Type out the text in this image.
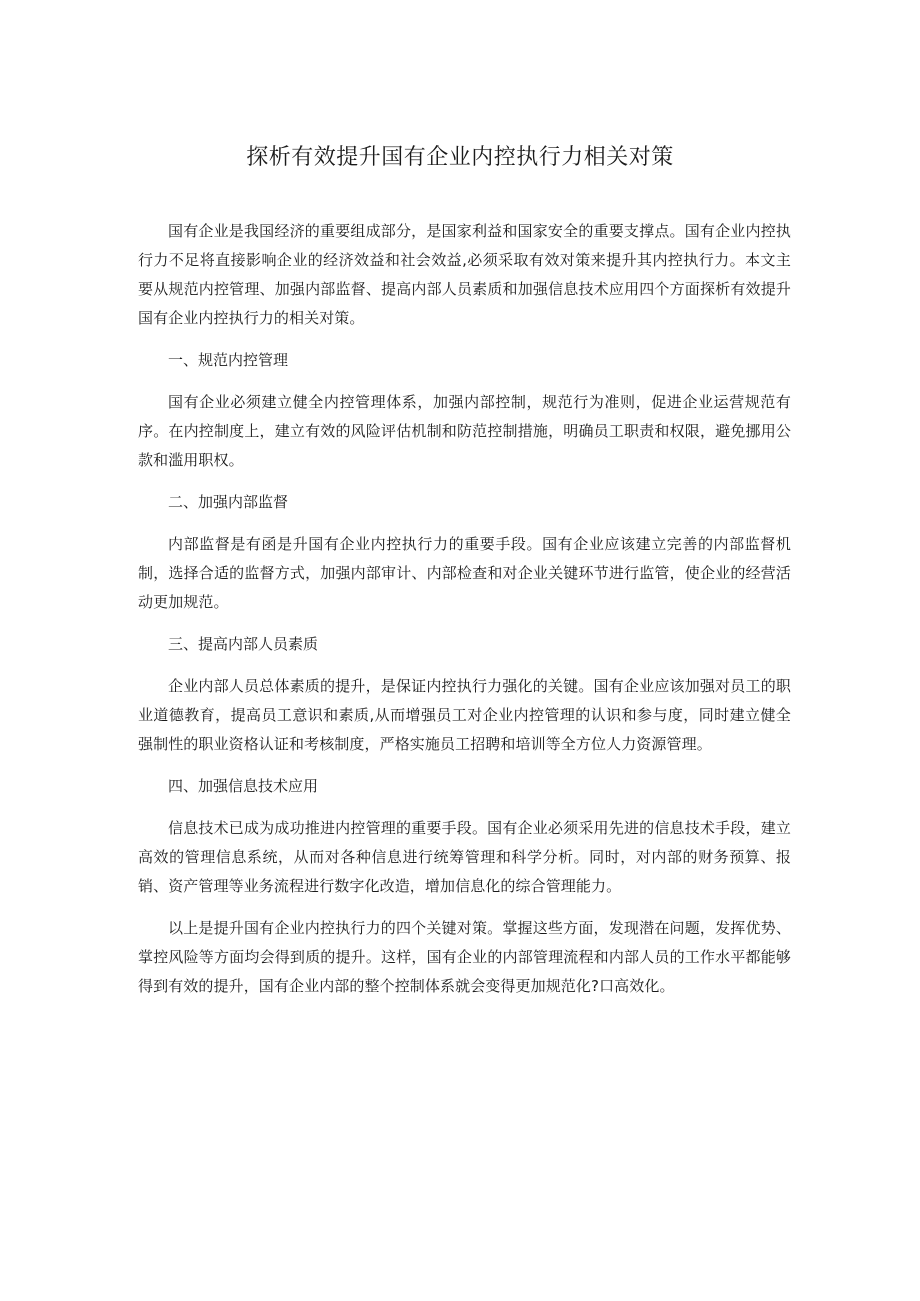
探析有效提升国有企业内控执行力相关对策

国有企业是我国经济的重要组成部分，是国家利益和国家安全的重要支撑点。国有企业内控执行力不足将直接影响企业的经济效益和社会效益,必须采取有效对策来提升其内控执行力。本文主要从规范内控管理、加强内部监督、提高内部人员素质和加强信息技术应用四个方面探析有效提升国有企业内控执行力的相关对策。

一、规范内控管理

国有企业必须建立健全内控管理体系，加强内部控制，规范行为准则，促进企业运营规范有序。在内控制度上，建立有效的风险评估机制和防范控制措施，明确员工职责和权限，避免挪用公款和滥用职权。

二、加强内部监督

内部监督是有函是升国有企业内控执行力的重要手段。国有企业应该建立完善的内部监督机制，选择合适的监督方式，加强内部审计、内部检查和对企业关键环节进行监管，使企业的经营活动更加规范。

三、提高内部人员素质

企业内部人员总体素质的提升，是保证内控执行力强化的关键。国有企业应该加强对员工的职业道德教育，提高员工意识和素质,从而增强员工对企业内控管理的认识和参与度，同时建立健全强制性的职业资格认证和考核制度，严格实施员工招聘和培训等全方位人力资源管理。

四、加强信息技术应用

信息技术已成为成功推进内控管理的重要手段。国有企业必须采用先进的信息技术手段，建立高效的管理信息系统，从而对各种信息进行统筹管理和科学分析。同时，对内部的财务预算、报销、资产管理等业务流程进行数字化改造，增加信息化的综合管理能力。

以上是提升国有企业内控执行力的四个关键对策。掌握这些方面，发现潜在问题，发挥优势、掌控风险等方面均会得到质的提升。这样，国有企业的内部管理流程和内部人员的工作水平都能够得到有效的提升，国有企业内部的整个控制体系就会变得更加规范化?口高效化。
